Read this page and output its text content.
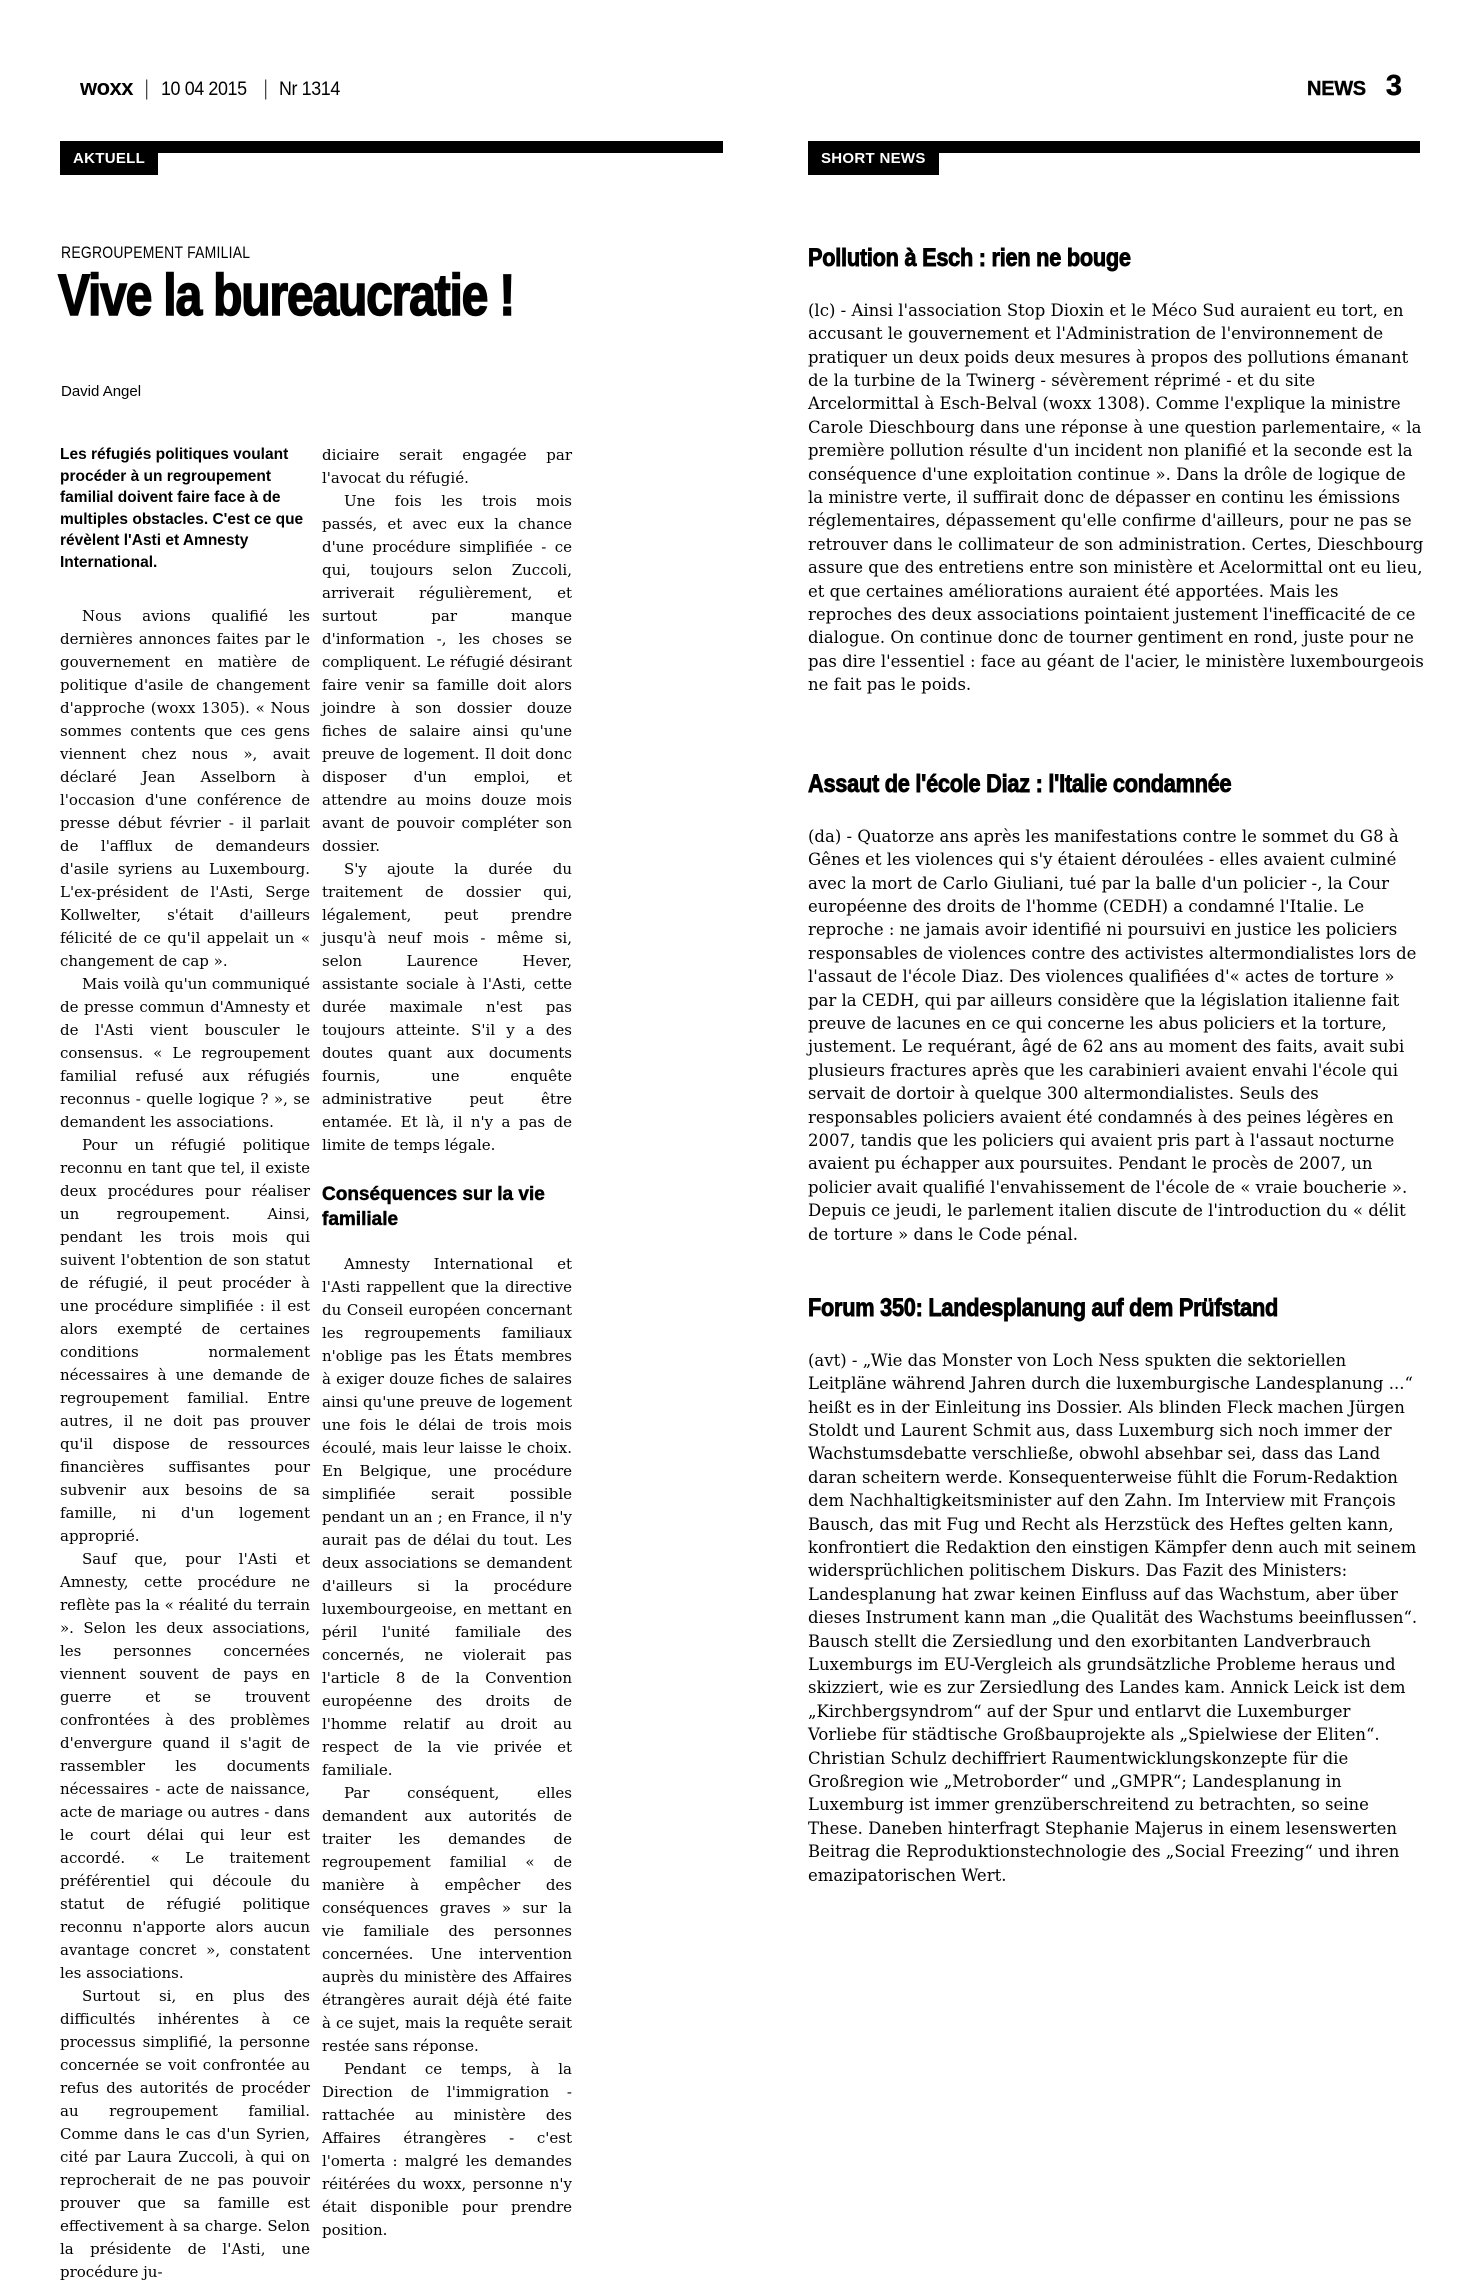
woxx | 10 04 2015 | Nr 1314	NEWS 3
AKTUELL	SHORT NEWS
REGROUPEMENT FAMILIAL
Vive la bureaucratie !
David Angel
Les réfugiés politiques voulant procéder à un regroupement familial doivent faire face à de multiples obstacles. C'est ce que révèlent l'Asti et Amnesty International.

Nous avions qualifié les dernières annonces faites par le gouvernement en matière de politique d'asile de changement d'approche (woxx 1305). « Nous sommes contents que ces gens viennent chez nous », avait déclaré Jean Asselborn à l'occasion d'une conférence de presse début février - il parlait de l'afflux de demandeurs d'asile syriens au Luxembourg. L'ex-président de l'Asti, Serge Kollwelter, s'était d'ailleurs félicité de ce qu'il appelait un « changement de cap ».

Mais voilà qu'un communiqué de presse commun d'Amnesty et de l'Asti vient bousculer le consensus. « Le regroupement familial refusé aux réfugiés reconnus - quelle logique ? », se demandent les associations.

Pour un réfugié politique reconnu en tant que tel, il existe deux procédures pour réaliser un regroupement. Ainsi, pendant les trois mois qui suivent l'obtention de son statut de réfugié, il peut procéder à une procédure simplifiée : il est alors exempté de certaines conditions normalement nécessaires à une demande de regroupement familial. Entre autres, il ne doit pas prouver qu'il dispose de ressources financières suffisantes pour subvenir aux besoins de sa famille, ni d'un logement approprié.

Sauf que, pour l'Asti et Amnesty, cette procédure ne reflète pas la « réalité du terrain ». Selon les deux associations, les personnes concernées viennent souvent de pays en guerre et se trouvent confrontées à des problèmes d'envergure quand il s'agit de rassembler les documents nécessaires - acte de naissance, acte de mariage ou autres - dans le court délai qui leur est accordé. « Le traitement préférentiel qui découle du statut de réfugié politique reconnu n'apporte alors aucun avantage concret », constatent les associations.

Surtout si, en plus des difficultés inhérentes à ce processus simplifié, la personne concernée se voit confrontée au refus des autorités de procéder au regroupement familial. Comme dans le cas d'un Syrien, cité par Laura Zuccoli, à qui on reprocherait de ne pas pouvoir prouver que sa famille est effectivement à sa charge. Selon la présidente de l'Asti, une procédure ju-

diciaire serait engagée par l'avocat du réfugié.

Une fois les trois mois passés, et avec eux la chance d'une procédure simplifiée - ce qui, toujours selon Zuccoli, arriverait régulièrement, et surtout par manque d'information -, les choses se compliquent. Le réfugié désirant faire venir sa famille doit alors joindre à son dossier douze fiches de salaire ainsi qu'une preuve de logement. Il doit donc disposer d'un emploi, et attendre au moins douze mois avant de pouvoir compléter son dossier.

S'y ajoute la durée du traitement de dossier qui, légalement, peut prendre jusqu'à neuf mois - même si, selon Laurence Hever, assistante sociale à l'Asti, cette durée maximale n'est pas toujours atteinte. S'il y a des doutes quant aux documents fournis, une enquête administrative peut être entamée. Et là, il n'y a pas de limite de temps légale.

Conséquences sur la vie familiale

Amnesty International et l'Asti rappellent que la directive du Conseil européen concernant les regroupements familiaux n'oblige pas les États membres à exiger douze fiches de salaires ainsi qu'une preuve de logement une fois le délai de trois mois écoulé, mais leur laisse le choix. En Belgique, une procédure simplifiée serait possible pendant un an ; en France, il n'y aurait pas de délai du tout. Les deux associations se demandent d'ailleurs si la procédure luxembourgeoise, en mettant en péril l'unité familiale des concernés, ne violerait pas l'article 8 de la Convention européenne des droits de l'homme relatif au droit au respect de la vie privée et familiale.

Par conséquent, elles demandent aux autorités de traiter les demandes de regroupement familial « de manière à empêcher des conséquences graves » sur la vie familiale des personnes concernées. Une intervention auprès du ministère des Affaires étrangères aurait déjà été faite à ce sujet, mais la requête serait restée sans réponse.

Pendant ce temps, à la Direction de l'immigration - rattachée au ministère des Affaires étrangères - c'est l'omerta : malgré les demandes réitérées du woxx, personne n'y était disponible pour prendre position.

Pollution à Esch : rien ne bouge

(lc) - Ainsi l'association Stop Dioxin et le Méco Sud auraient eu tort, en accusant le gouvernement et l'Administration de l'environnement de pratiquer un deux poids deux mesures à propos des pollutions émanant de la turbine de la Twinerg - sévèrement réprimé - et du site Arcelormittal à Esch-Belval (woxx 1308). Comme l'explique la ministre Carole Dieschbourg dans une réponse à une question parlementaire, « la première pollution résulte d'un incident non planifié et la seconde est la conséquence d'une exploitation continue ». Dans la drôle de logique de la ministre verte, il suffirait donc de dépasser en continu les émissions réglementaires, dépassement qu'elle confirme d'ailleurs, pour ne pas se retrouver dans le collimateur de son administration. Certes, Dieschbourg assure que des entretiens entre son ministère et Acelormittal ont eu lieu, et que certaines améliorations auraient été apportées. Mais les reproches des deux associations pointaient justement l'inefficacité de ce dialogue. On continue donc de tourner gentiment en rond, juste pour ne pas dire l'essentiel : face au géant de l'acier, le ministère luxembourgeois ne fait pas le poids.

Assaut de l'école Diaz : l'Italie condamnée

(da) - Quatorze ans après les manifestations contre le sommet du G8 à Gênes et les violences qui s'y étaient déroulées - elles avaient culminé avec la mort de Carlo Giuliani, tué par la balle d'un policier -, la Cour européenne des droits de l'homme (CEDH) a condamné l'Italie. Le reproche : ne jamais avoir identifié ni poursuivi en justice les policiers responsables de violences contre des activistes altermondialistes lors de l'assaut de l'école Diaz. Des violences qualifiées d'« actes de torture » par la CEDH, qui par ailleurs considère que la législation italienne fait preuve de lacunes en ce qui concerne les abus policiers et la torture, justement. Le requérant, âgé de 62 ans au moment des faits, avait subi plusieurs fractures après que les carabinieri avaient envahi l'école qui servait de dortoir à quelque 300 altermondialistes. Seuls des responsables policiers avaient été condamnés à des peines légères en 2007, tandis que les policiers qui avaient pris part à l'assaut nocturne avaient pu échapper aux poursuites. Pendant le procès de 2007, un policier avait qualifié l'envahissement de l'école de « vraie boucherie ». Depuis ce jeudi, le parlement italien discute de l'introduction du « délit de torture » dans le Code pénal.

Forum 350: Landesplanung auf dem Prüfstand

(avt) - „Wie das Monster von Loch Ness spukten die sektoriellen Leitpläne während Jahren durch die luxemburgische Landesplanung ...“ heißt es in der Einleitung ins Dossier. Als blinden Fleck machen Jürgen Stoldt und Laurent Schmit aus, dass Luxemburg sich noch immer der Wachstumsdebatte verschließe, obwohl absehbar sei, dass das Land daran scheitern werde. Konsequenterweise fühlt die Forum-Redaktion dem Nachhaltigkeitsminister auf den Zahn. Im Interview mit François Bausch, das mit Fug und Recht als Herzstück des Heftes gelten kann, konfrontiert die Redaktion den einstigen Kämpfer denn auch mit seinem widersprüchlichen politischem Diskurs. Das Fazit des Ministers: Landesplanung hat zwar keinen Einfluss auf das Wachstum, aber über dieses Instrument kann man „die Qualität des Wachstums beeinflussen“. Bausch stellt die Zersiedlung und den exorbitanten Landverbrauch Luxemburgs im EU-Vergleich als grundsätzliche Probleme heraus und skizziert, wie es zur Zersiedlung des Landes kam. Annick Leick ist dem „Kirchbergsyndrom“ auf der Spur und entlarvt die Luxemburger Vorliebe für städtische Großbauprojekte als „Spielwiese der Eliten“. Christian Schulz dechiffriert Raumentwicklungskonzepte für die Großregion wie „Metroborder“ und „GMPR“; Landesplanung in Luxemburg ist immer grenzüberschreitend zu betrachten, so seine These. Daneben hinterfragt Stephanie Majerus in einem lesenswerten Beitrag die Reproduktionstechnologie des „Social Freezing“ und ihren emazipatorischen Wert.
